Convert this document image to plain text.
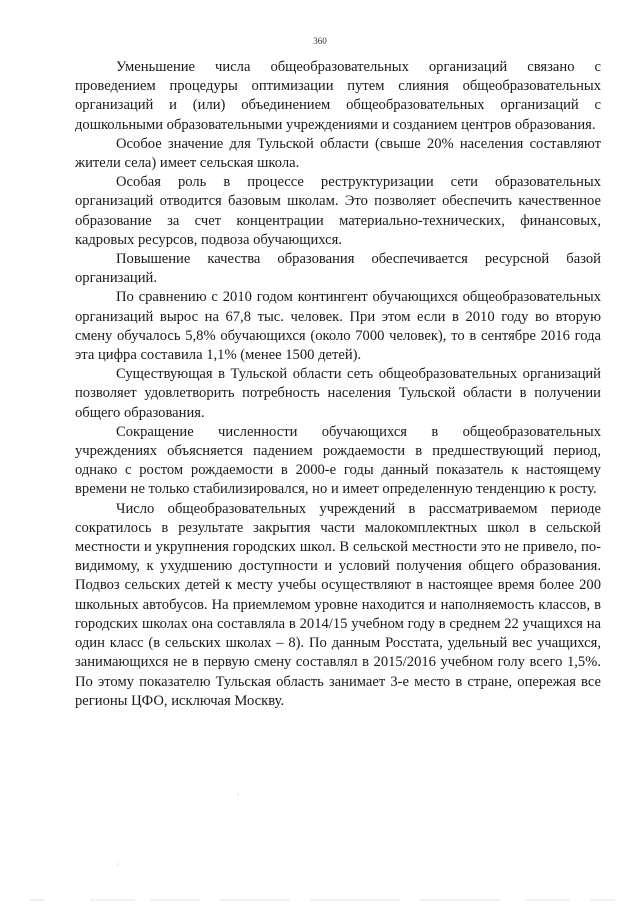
360

Уменьшение числа общеобразовательных организаций связано с проведением процедуры оптимизации путем слияния общеобразовательных организаций и (или) объединением общеобразовательных организаций с дошкольными образовательными учреждениями и созданием центров образования.

Особое значение для Тульской области (свыше 20% населения составляют жители села) имеет сельская школа.

Особая роль в процессе реструктуризации сети образовательных организаций отводится базовым школам. Это позволяет обеспечить качественное образование за счет концентрации материально-технических, финансовых, кадровых ресурсов, подвоза обучающихся.

Повышение качества образования обеспечивается ресурсной базой организаций.

По сравнению с 2010 годом контингент обучающихся общеобразовательных организаций вырос на 67,8 тыс. человек. При этом если в 2010 году во вторую смену обучалось 5,8% обучающихся (около 7000 человек), то в сентябре 2016 года эта цифра составила 1,1% (менее 1500 детей).

Существующая в Тульской области сеть общеобразовательных организаций позволяет удовлетворить потребность населения Тульской области в получении общего образования.

Сокращение численности обучающихся в общеобразовательных учреждениях объясняется падением рождаемости в предшествующий период, однако с ростом рождаемости в 2000-е годы данный показатель к настоящему времени не только стабилизировался, но и имеет определенную тенденцию к росту.

Число общеобразовательных учреждений в рассматриваемом периоде сократилось в результате закрытия части малокомплектных школ в сельской местности и укрупнения городских школ. В сельской местности это не привело, по-видимому, к ухудшению доступности и условий получения общего образования. Подвоз сельских детей к месту учебы осуществляют в настоящее время более 200 школьных автобусов. На приемлемом уровне находится и наполняемость классов, в городских школах она составляла в 2014/15 учебном году в среднем 22 учащихся на один класс (в сельских школах – 8). По данным Росстата, удельный вес учащихся, занимающихся не в первую смену составлял в 2015/2016 учебном голу всего 1,5%. По этому показателю Тульская область занимает 3-е место в стране, опережая все регионы ЦФО, исключая Москву.
